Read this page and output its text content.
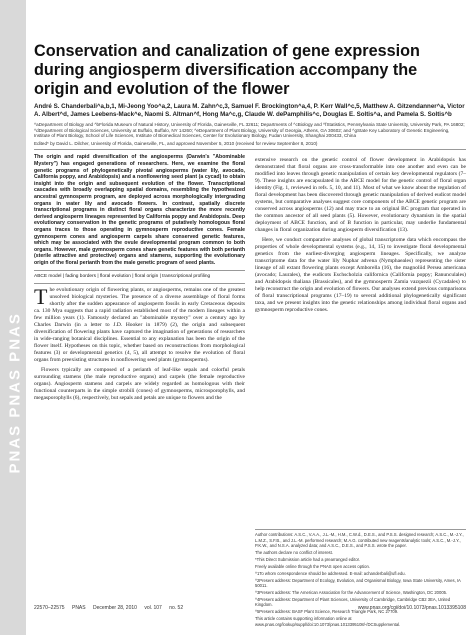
PNAS PNAS PNAS
Conservation and canalization of gene expression during angiosperm diversification accompany the origin and evolution of the flower
André S. Chanderbali^a,b,1, Mi-Jeong Yoo^a,2, Laura M. Zahn^c,3, Samuel F. Brockington^a,4, P. Kerr Wall^c,5, Matthew A. Gitzendanner^a, Victor A. Albert^d, James Leebens-Mack^e, Naomi S. Altman^f, Hong Ma^c,g, Claude W. dePamphilis^c, Douglas E. Soltis^a, and Pamela S. Soltis^b
^aDepartment of Biology and ^bFlorida Museum of Natural History, University of Florida, Gainesville, FL 32611; Departments of ^cBiology and ^fStatistics, Pennsylvania State University, University Park, PA 16802; ^dDepartment of Biological Sciences, University at Buffalo, Buffalo, NY 14260; ^eDepartment of Plant Biology, University of Georgia, Athens, GA 30602; and ^gState Key Laboratory of Genetic Engineering, Institute of Plant Biology, School of Life Sciences, Institute of Biomedical Sciences, Center for Evolutionary Biology, Fudan University, Shanghai 200433, China
Edited* by David L. Dilcher, University of Florida, Gainesville, FL, and approved November 5, 2010 (received for review September 8, 2010)

The origin and rapid diversification of the angiosperms (Darwin's "Abominable Mystery") has engaged generations of researchers. Here, we examine the floral genetic programs of phylogenetically pivotal angiosperms (water lily, avocado, California poppy, and Arabidopsis) and a nonflowering seed plant (a cycad) to obtain insight into the origin and subsequent evolution of the flower. Transcriptional cascades with broadly overlapping spatial domains, resembling the hypothesized ancestral gymnosperm program, are deployed across morphologically intergrading organs in water lily and avocado flowers. In contrast, spatially discrete transcriptional programs in distinct floral organs characterize the more recently derived angiosperm lineages represented by California poppy and Arabidopsis. Deep evolutionary conservation in the genetic programs of putatively homologous floral organs traces to those operating in gymnosperm reproductive cones. Female gymnosperm cones and angiosperm carpels share conserved genetic features, which may be associated with the ovule developmental program common to both organs. However, male gymnosperm cones share genetic features with both perianth (sterile attractive and protective) organs and stamens, supporting the evolutionary origin of the floral perianth from the male genetic program of seed plants.

ABCE model | fading borders | floral evolution | floral origin | transcriptional profiling

The evolutionary origin of flowering plants, or angiosperms, remains one of the greatest unsolved biological mysteries. The presence of a diverse assemblage of floral forms shortly after the sudden appearance of angiosperm fossils in early Cretaceous deposits ca. 130 Mya suggests that a rapid radiation established most of the modern lineages within a few million years (1). Famously declared an "abominable mystery" over a century ago by Charles Darwin (in a letter to J.D. Hooker in 1879) (2), the origin and subsequent diversification of flowering plants have captured the imagination of generations of researchers in wide-ranging botanical disciplines. Essential to any explanation has been the origin of the flower itself. Hypotheses on this topic, whether based on reconstructions from morphological features (3) or developmental genetics (4, 5), all attempt to resolve the evolution of floral organs from preexisting structures in nonflowering seed plants (gymnosperms).

Flowers typically are composed of a perianth of leaf-like sepals and colorful petals surrounding stamens (the male reproductive organs) and carpels (the female reproductive organs). Angiosperm stamens and carpels are widely regarded as homologous with their functional counterparts in the simple strobili (cones) of gymnosperms, microsporophylls, and megasporophylls (6), respectively, but sepals and petals are unique to flowers and the

extensive research on the genetic control of flower development in Arabidopsis has demonstrated that floral organs are cross-transformable into one another and even can be modified into leaves through genetic manipulation of certain key developmental regulators (7–9). These insights are encapsulated in the ABCE model for the genetic control of floral organ identity (Fig. 1, reviewed in refs. 5, 10, and 11). Most of what we know about the regulation of floral development has been discovered through genetic manipulation of derived eudicot model systems, but comparative analyses suggest core components of the ABCE genetic program are conserved across angiosperms (12) and may trace to an original BC program that operated in the common ancestor of all seed plants (5). However, evolutionary dynamism in the spatial deployment of ABCE function, and of B function in particular, may underlie fundamental changes in floral organization during angiosperm diversification (13).

Here, we conduct comparative analyses of global transcriptome data which encompass the properties of whole developmental systems (e.g., 14, 15) to investigate floral developmental genetics from the earliest-diverging angiosperm lineages. Specifically, we analyze transcriptome data for the water lily Nuphar advena (Nymphaeales) representing the sister lineage of all extant flowering plants except Amborella (16), the magnoliid Persea americana (avocado; Laurales), the eudicots Eschscholzia californica (California poppy; Ranunculales) and Arabidopsis thaliana (Brassicales), and the gymnosperm Zamia vazquezii (Cycadales) to help reconstruct the origin and evolution of flowers. Our analyses extend previous comparisons of floral transcriptional programs (17–19) to several additional phylogenetically significant taxa, and we present insights into the genetic relationships among individual floral organs and gymnosperm reproductive cones.

Author contributions: A.S.C., V.A.A., J.L.-M., H.M., C.W.d., D.E.S., and P.S.S. designed research; A.S.C., M.-J.Y., L.M.Z., S.F.B., and J.L.-M. performed research; M.A.G. contributed new reagents/analytic tools; A.S.C., M.-J.Y., P.K.W., and N.S.A. analyzed data; and A.S.C., D.E.S., and P.S.S. wrote the paper.

The authors declare no conflict of interest.

*This Direct Submission article had a prearranged editor.

Freely available online through the PNAS open access option.

^1To whom correspondence should be addressed. E-mail: achanderbali@ufl.edu.

^2Present address: Department of Ecology, Evolution, and Organismal Biology, Iowa State University, Ames, IA 50011.

^3Present address: The American Association for the Advancement of Science, Washington, DC 20005.

^4Present address: Department of Plant Sciences, University of Cambridge, Cambridge CB2 3EA, United Kingdom.

^5Present address: BASF Plant Science, Research Triangle Park, NC 27709.

This article contains supporting information online at www.pnas.org/lookup/suppl/doi:10.1073/pnas.1013395108/-/DCSupplemental.

22570–22575 PNAS December 28, 2010 vol. 107 no. 52	www.pnas.org/cgi/doi/10.1073/pnas.1013395108
